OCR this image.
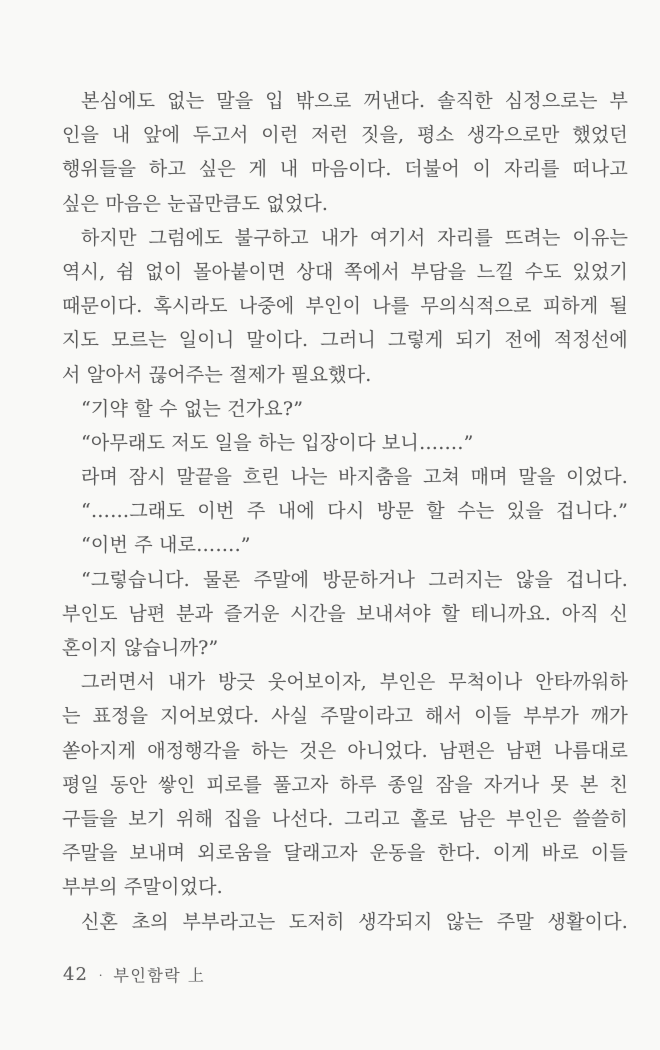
본심에도 없는 말을 입 밖으로 꺼낸다. 솔직한 심정으로는 부
인을 내 앞에 두고서 이런 저런 짓을, 평소 생각으로만 했었던
행위들을 하고 싶은 게 내 마음이다. 더불어 이 자리를 떠나고
싶은 마음은 눈곱만큼도 없었다.
하지만 그럼에도 불구하고 내가 여기서 자리를 뜨려는 이유는
역시, 쉼 없이 몰아붙이면 상대 쪽에서 부담을 느낄 수도 있었기
때문이다. 혹시라도 나중에 부인이 나를 무의식적으로 피하게 될
지도 모르는 일이니 말이다. 그러니 그렇게 되기 전에 적정선에
서 알아서 끊어주는 절제가 필요했다.
“기약 할 수 없는 건가요?”
“아무래도 저도 일을 하는 입장이다 보니…….”
라며 잠시 말끝을 흐린 나는 바지춤을 고쳐 매며 말을 이었다.
“……그래도 이번 주 내에 다시 방문 할 수는 있을 겁니다.”
“이번 주 내로…….”
“그렇습니다. 물론 주말에 방문하거나 그러지는 않을 겁니다.
부인도 남편 분과 즐거운 시간을 보내셔야 할 테니까요. 아직 신
혼이지 않습니까?”
그러면서 내가 방긋 웃어보이자, 부인은 무척이나 안타까워하
는 표정을 지어보였다. 사실 주말이라고 해서 이들 부부가 깨가
쏟아지게 애정행각을 하는 것은 아니었다. 남편은 남편 나름대로
평일 동안 쌓인 피로를 풀고자 하루 종일 잠을 자거나 못 본 친
구들을 보기 위해 집을 나선다. 그리고 홀로 남은 부인은 쓸쓸히
주말을 보내며 외로움을 달래고자 운동을 한다. 이게 바로 이들
부부의 주말이었다.
신혼 초의 부부라고는 도저히 생각되지 않는 주말 생활이다.
42 · 부인함락 上
